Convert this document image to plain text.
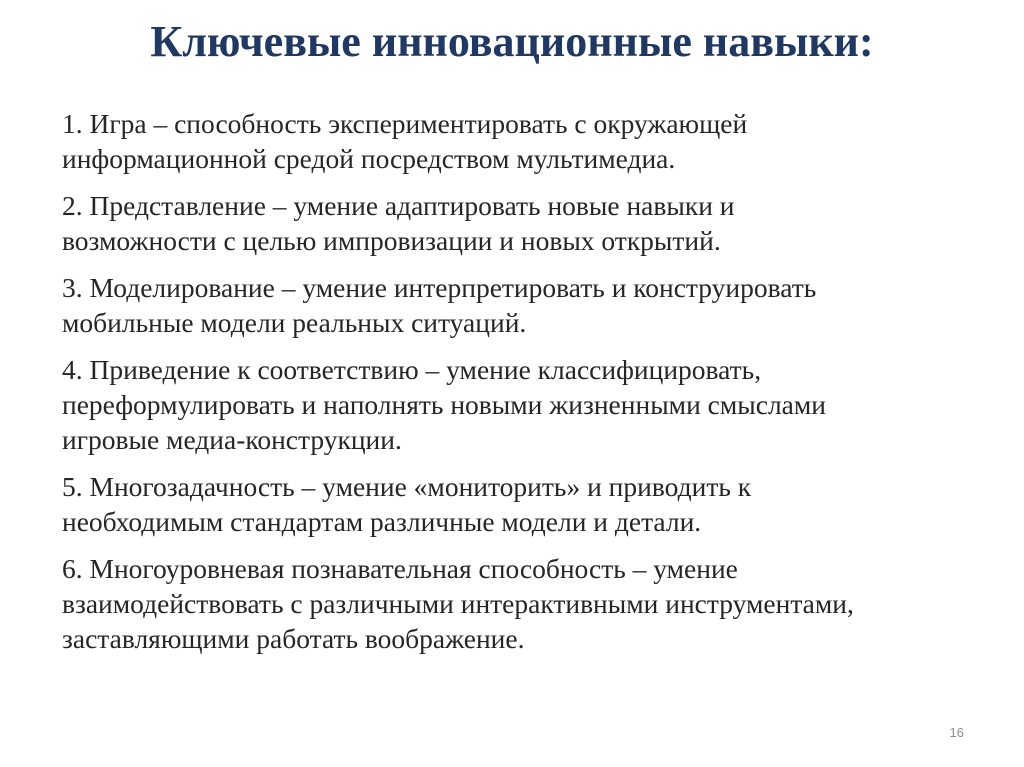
Ключевые инновационные навыки:
1. Игра – способность экспериментировать с окружающей
информационной средой посредством мультимедиа.
2. Представление – умение адаптировать новые навыки и
возможности с целью импровизации и новых открытий.
3. Моделирование – умение интерпретировать и конструировать
мобильные модели реальных ситуаций.
4. Приведение к соответствию – умение классифицировать,
переформулировать и наполнять новыми жизненными смыслами
игровые медиа-конструкции.
5. Многозадачность – умение «мониторить» и приводить к
необходимым стандартам различные модели и детали.
6. Многоуровневая познавательная способность – умение
взаимодействовать с различными интерактивными инструментами,
заставляющими работать воображение.
16
